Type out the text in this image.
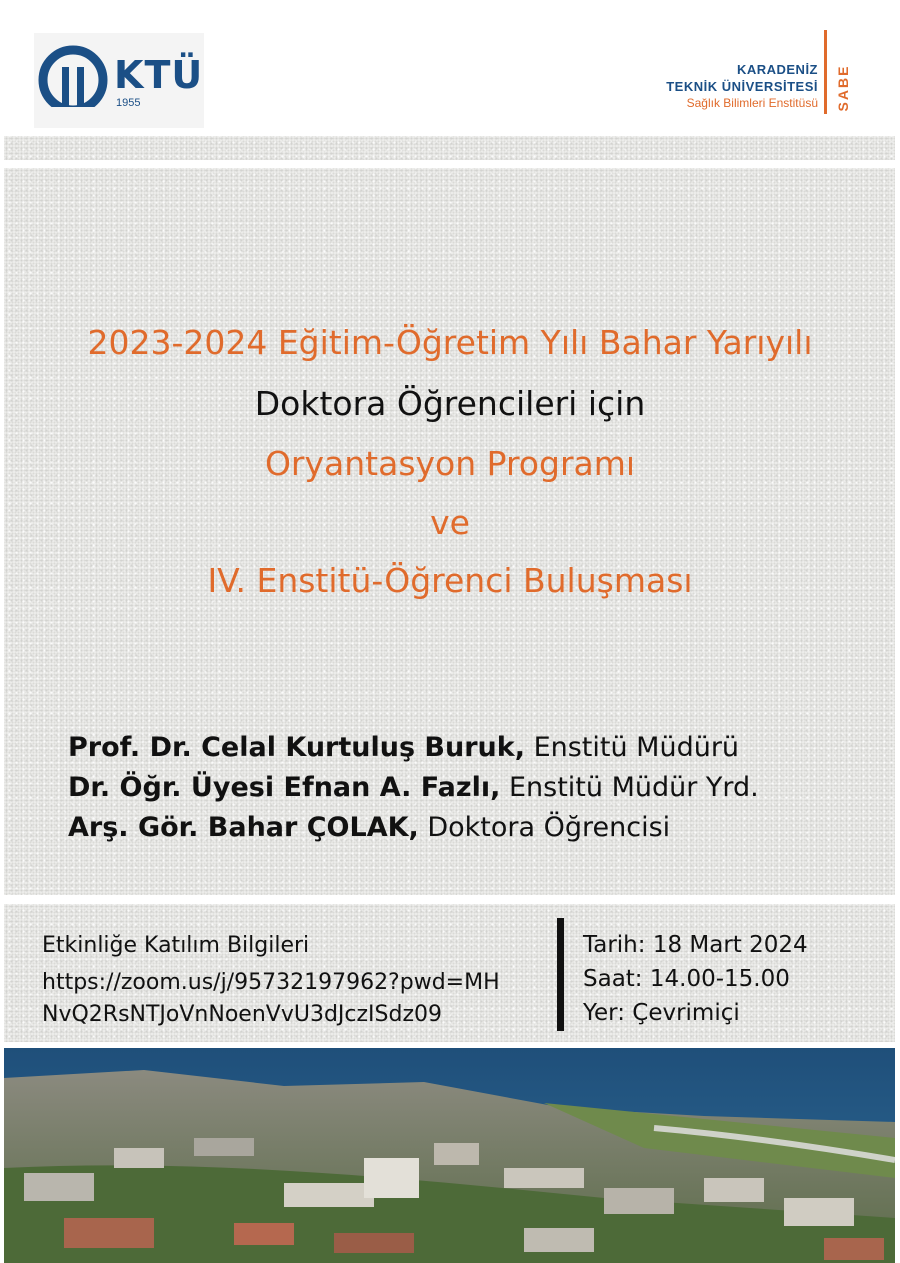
KTÜ
1955
KARADENİZ
TEKNİK ÜNİVERSİTESİ
Sağlık Bilimleri Enstitüsü SABE
2023-2024 Eğitim-Öğretim Yılı Bahar Yarıyılı
Doktora Öğrencileri için
Oryantasyon Programı
ve
IV. Enstitü-Öğrenci Buluşması
Prof. Dr. Celal Kurtuluş Buruk, Enstitü Müdürü
Dr. Öğr. Üyesi Efnan A. Fazlı, Enstitü Müdür Yrd.
Arş. Gör. Bahar ÇOLAK, Doktora Öğrencisi
Etkinliğe Katılım Bilgileri
https://zoom.us/j/95732197962?pwd=MH
NvQ2RsNTJoVnNoenVvU3dJczISdz09
Tarih: 18 Mart 2024
Saat: 14.00-15.00
Yer: Çevrimiçi
